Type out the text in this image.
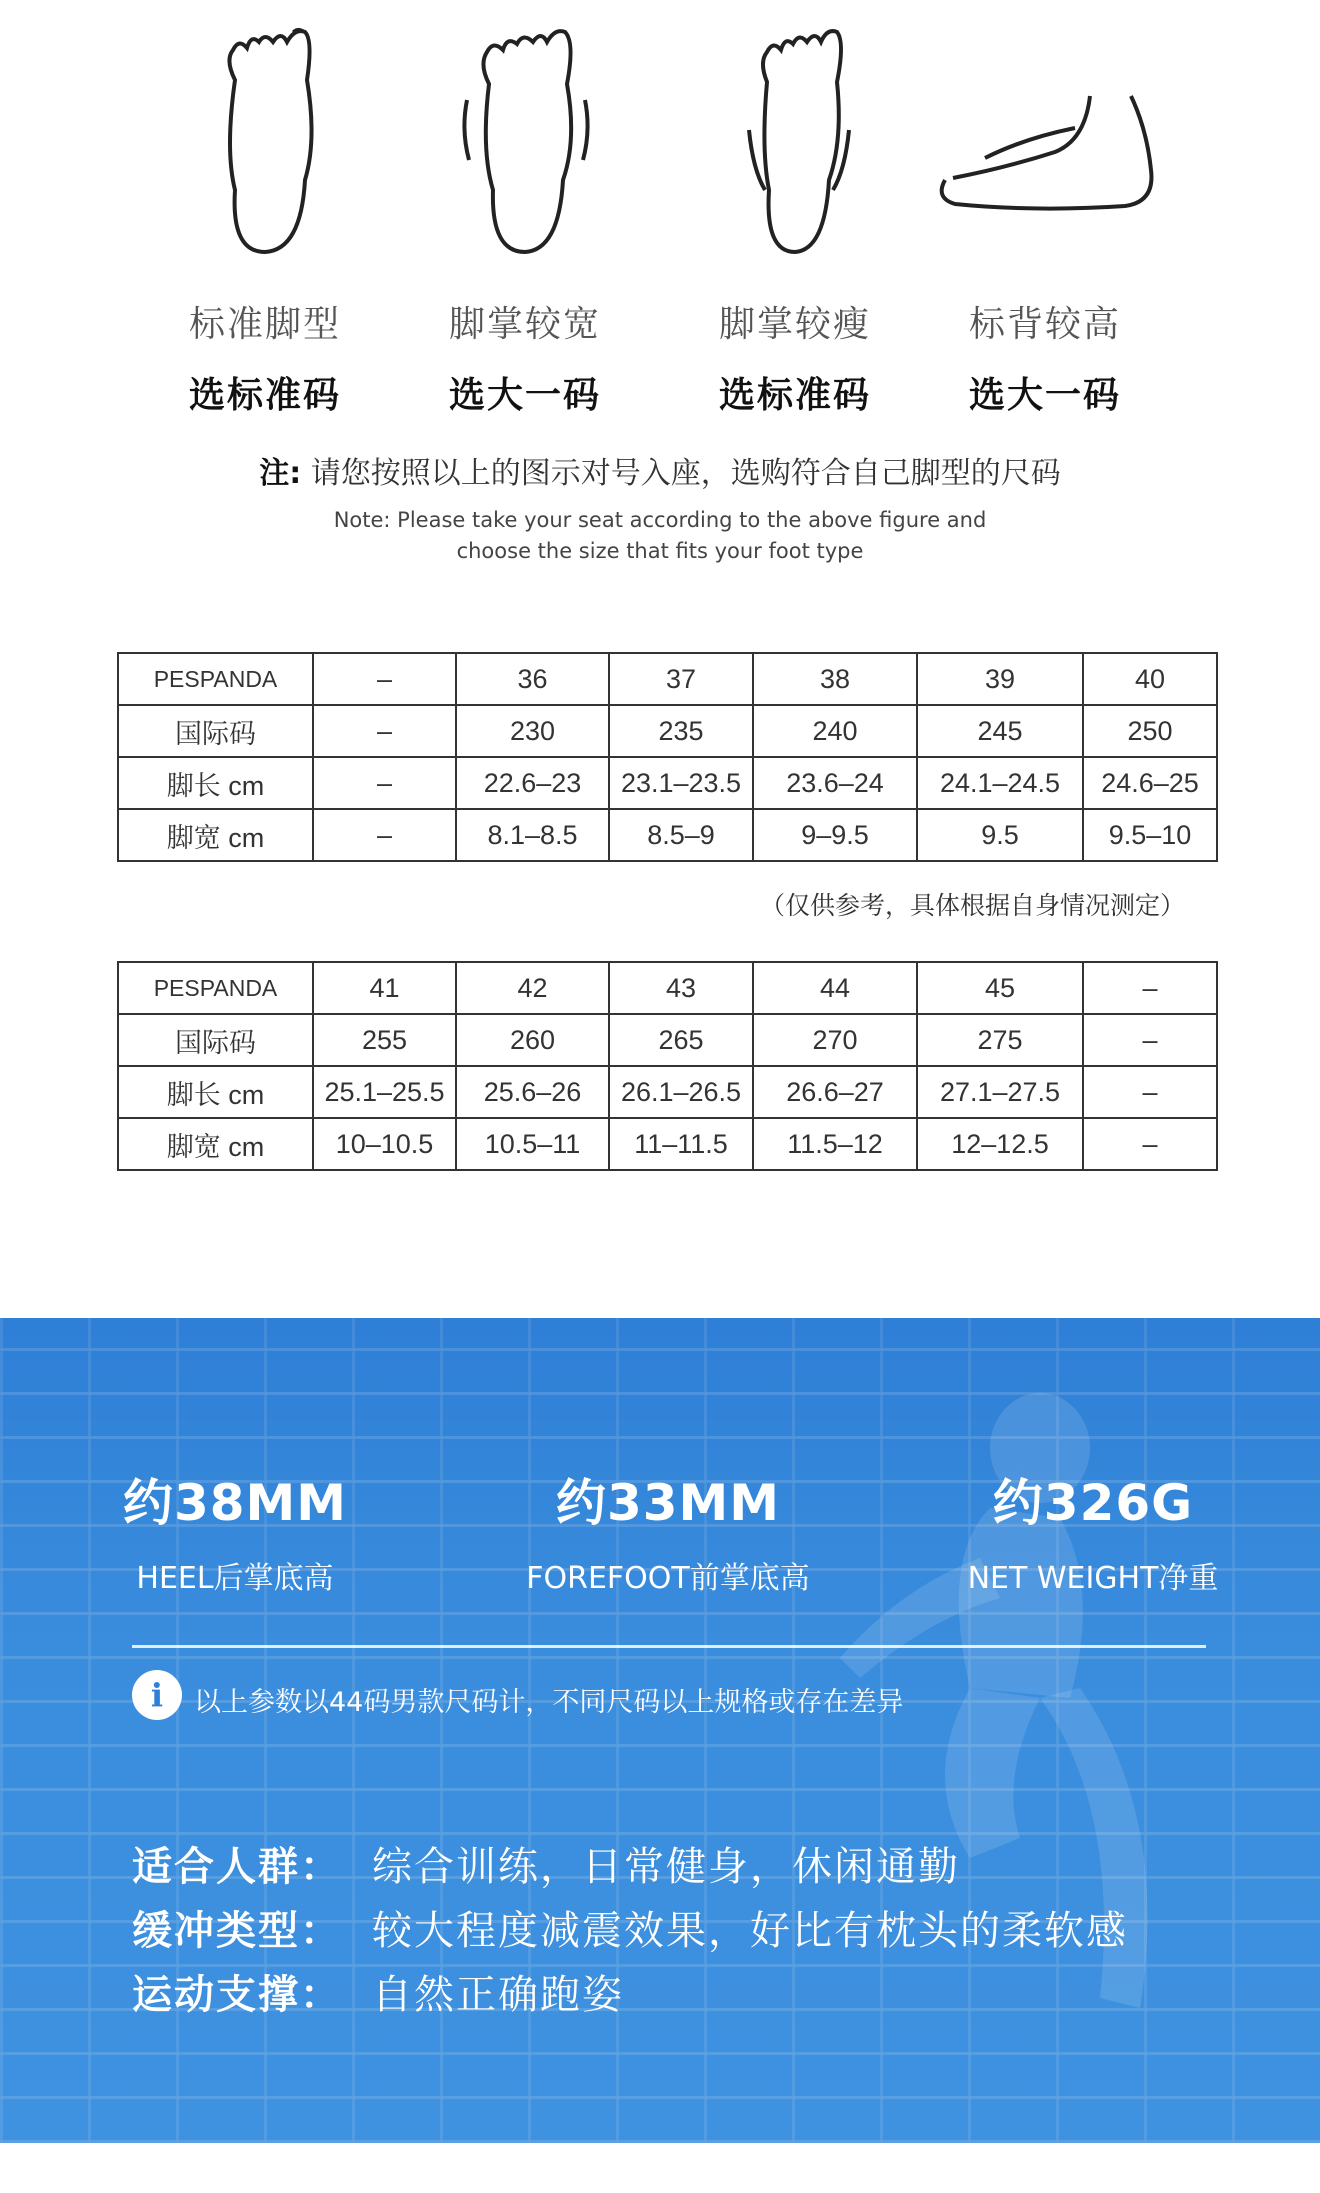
标准脚型
选标准码
脚掌较宽
选大一码
脚掌较瘦
选标准码
标背较高
选大一码
注: 请您按照以上的图示对号入座，选购符合自己脚型的尺码
Note: Please take your seat according to the above figure and
choose the size that fits your foot type
PESPANDA	–	36	37	38	39	40
国际码	–	230	235	240	245	250
脚长 cm	–	22.6–23	23.1–23.5	23.6–24	24.1–24.5	24.6–25
脚宽 cm	–	8.1–8.5	8.5–9	9–9.5	9.5	9.5–10
（仅供参考，具体根据自身情况测定）
PESPANDA	41	42	43	44	45	–
国际码	255	260	265	270	275	–
脚长 cm	25.1–25.5	25.6–26	26.1–26.5	26.6–27	27.1–27.5	–
脚宽 cm	10–10.5	10.5–11	11–11.5	11.5–12	12–12.5	–
约38MM
HEEL后掌底高
约33MM
FOREFOOT前掌底高
约326G
NET WEIGHT净重
i	以上参数以44码男款尺码计，不同尺码以上规格或存在差异
适合人群： 综合训练，日常健身，休闲通勤
缓冲类型： 较大程度减震效果，好比有枕头的柔软感
运动支撑： 自然正确跑姿
